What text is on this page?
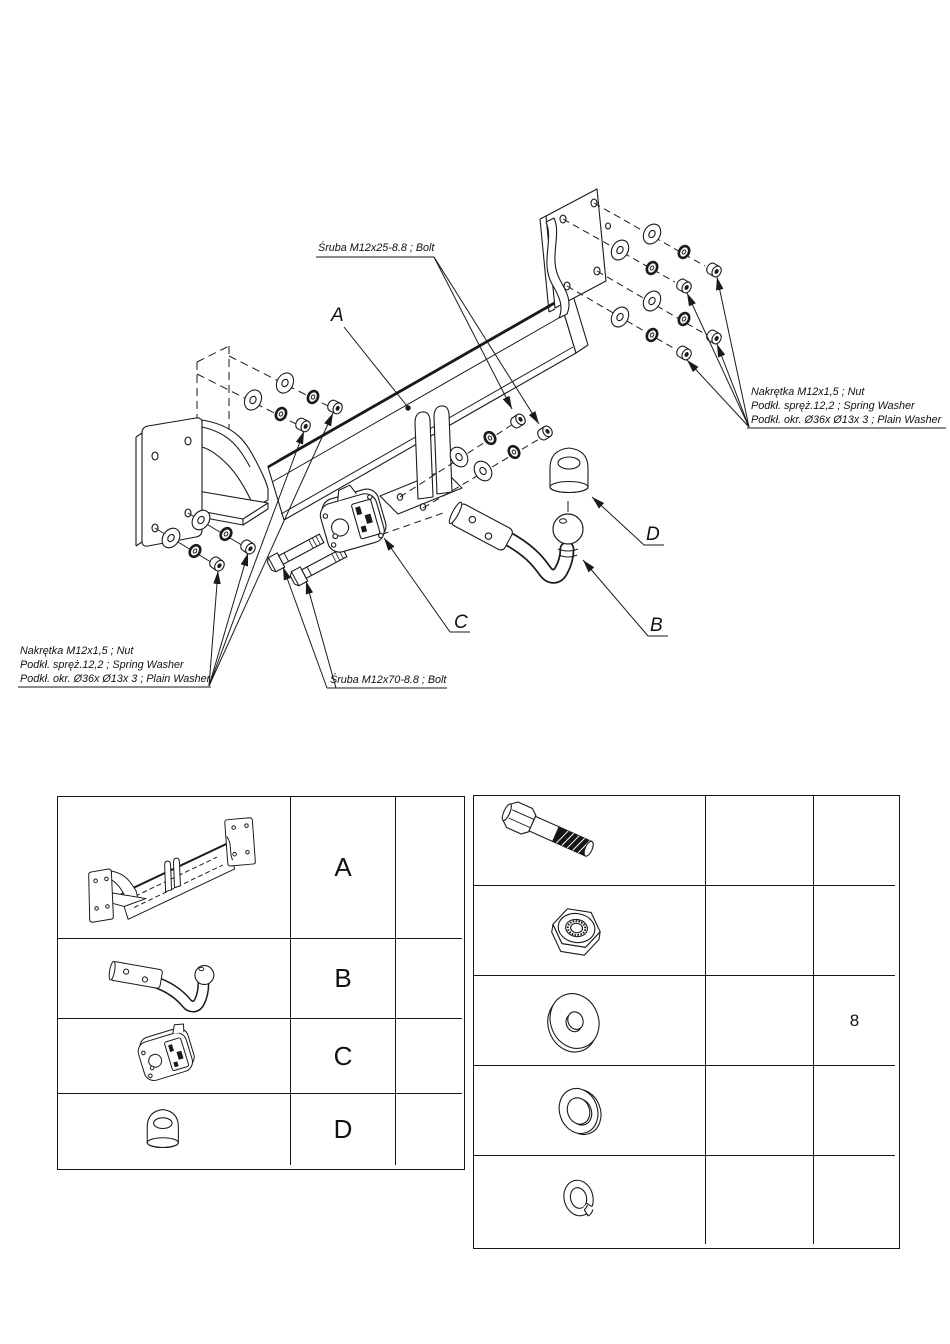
Śruba M12x25-8.8 ; Bolt
A
Nakrętka M12x1,5 ; Nut
Podkł. spręż.12,2 ; Spring Washer
Podkł. okr. Ø36x Ø13x 3 ; Plain Washer
Nakrętka M12x1,5 ; Nut
Podkł. spręż.12,2 ; Spring Washer
Podkł. okr. Ø36x Ø13x 3 ; Plain Washer	Śruba M12x70-8.8 ; Bolt
C
D
B
A
B
C
D
8
